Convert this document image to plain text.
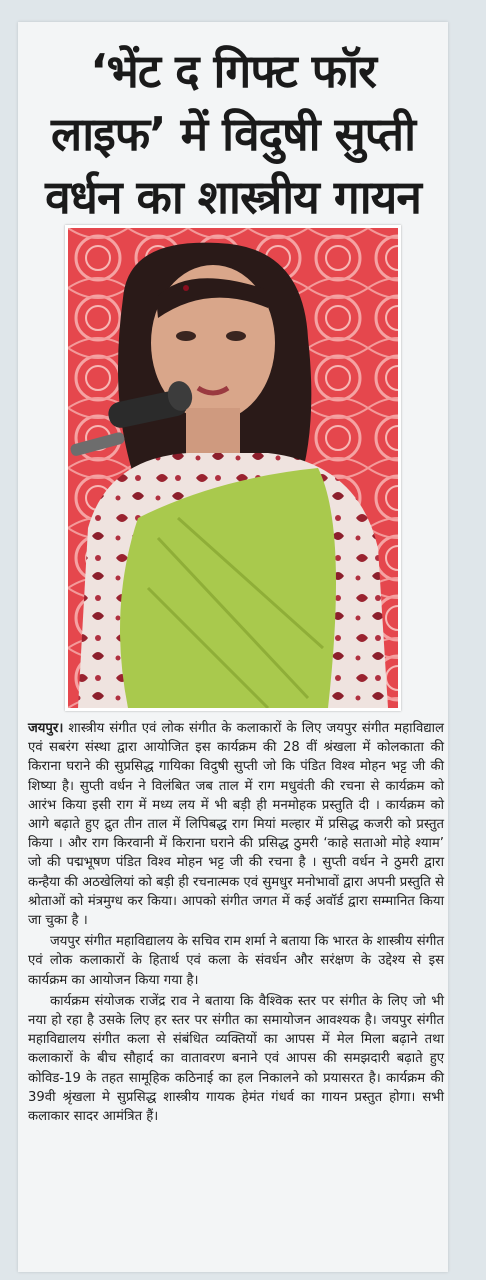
‘भेंट द गिफ्ट फॉर
लाइफ’ में विदुषी सुप्ती
वर्धन का शास्त्रीय गायन

जयपुर। शास्त्रीय संगीत एवं लोक संगीत के कलाकारों के लिए जयपुर संगीत महाविद्याल एवं सबरंग संस्था द्वारा आयोजित इस कार्यक्रम की 28 वीं श्रंखला में कोलकाता की किराना घराने की सुप्रसिद्ध गायिका विदुषी सुप्ती जो कि पंडित विश्व मोहन भट्ट जी की शिष्या है। सुप्ती वर्धन ने विलंबित जब ताल में राग मधुवंती की रचना से कार्यक्रम को आरंभ किया इसी राग में मध्य लय में भी बड़ी ही मनमोहक प्रस्तुति दी । कार्यक्रम को आगे बढ़ाते हुए द्रुत तीन ताल में लिपिबद्ध राग मियां मल्हार में प्रसिद्ध कजरी को प्रस्तुत किया । और राग किरवानी में किराना घराने की प्रसिद्ध ठुमरी ‘काहे सताओ मोहे श्याम’ जो की पद्मभूषण पंडित विश्व मोहन भट्ट जी की रचना है । सुप्ती वर्धन ने ठुमरी द्वारा कन्हैया की अठखेलियां को बड़ी ही रचनात्मक एवं सुमधुर मनोभावों द्वारा अपनी प्रस्तुति से श्रोताओं को मंत्रमुग्ध कर किया। आपको संगीत जगत में कई अवॉर्ड द्वारा सम्मानित किया जा चुका है ।

जयपुर संगीत महाविद्यालय के सचिव राम शर्मा ने बताया कि भारत के शास्त्रीय संगीत एवं लोक कलाकारों के हितार्थ एवं कला के संवर्धन और सरंक्षण के उद्देश्य से इस कार्यक्रम का आयोजन किया गया है।

कार्यक्रम संयोजक राजेंद्र राव ने बताया कि वैश्विक स्तर पर संगीत के लिए जो भी नया हो रहा है उसके लिए हर स्तर पर संगीत का समायोजन आवश्यक है। जयपुर संगीत महाविद्यालय संगीत कला से संबंधित व्यक्तियों का आपस में मेल मिला बढ़ाने तथा कलाकारों के बीच सौहार्द का वातावरण बनाने एवं आपस की समझदारी बढ़ाते हुए कोविड-19 के तहत सामूहिक कठिनाई का हल निकालने को प्रयासरत है। कार्यक्रम की 39वी श्रृंखला मे सुप्रसिद्ध शास्त्रीय गायक हेमंत गंधर्व का गायन प्रस्तुत होगा। सभी कलाकार सादर आमंत्रित हैं।
